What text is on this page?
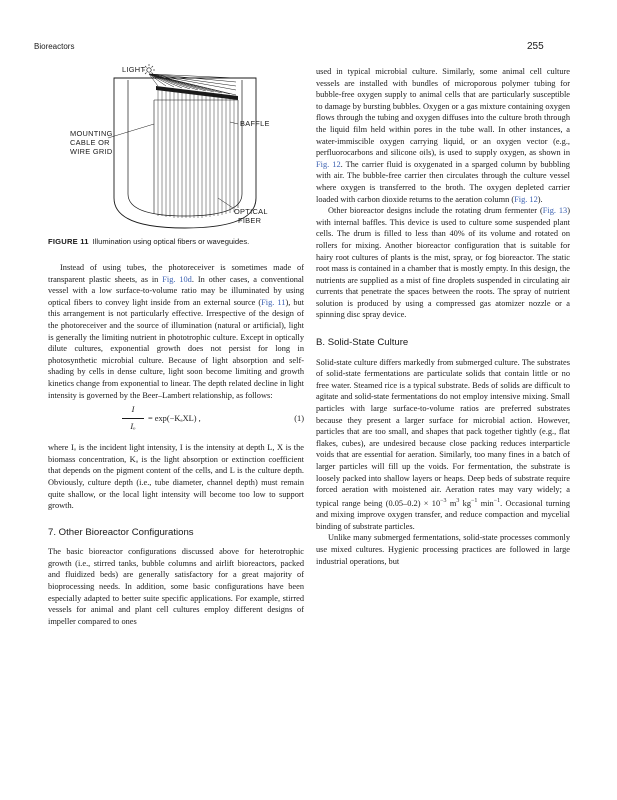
Bioreactors	255
LIGHT
BAFFLE
MOUNTING
CABLE OR
WIRE GRID
OPTICAL
FIBER
FIGURE 11 Illumination using optical fibers or waveguides.

Instead of using tubes, the photoreceiver is sometimes made of transparent plastic sheets, as in Fig. 10d. In other cases, a conventional vessel with a low surface-to-volume ratio may be illuminated by using optical fibers to convey light inside from an external source (Fig. 11), but this arrangement is not particularly effective. Irrespective of the design of the photoreceiver and the source of illumination (natural or artificial), light is generally the limiting nutrient in phototrophic culture. Except in optically dilute cultures, exponential growth does not persist for long in photosynthetic microbial culture. Because of light absorption and self-shading by cells in dense culture, light soon become limiting and growth kinetics change from exponential to linear. The depth related decline in light intensity is governed by the Beer–Lambert relationship, as follows:

I
Iₒ
= exp(−KₐXL) ,	(1)

where Iₒ is the incident light intensity, I is the intensity at depth L, X is the biomass concentration, Kₐ is the light absorption or extinction coefficient that depends on the pigment content of the cells, and L is the culture depth. Obviously, culture depth (i.e., tube diameter, channel depth) must remain quite shallow, or the local light intensity will become too low to support growth.

7. Other Bioreactor Configurations

The basic bioreactor configurations discussed above for heterotrophic growth (i.e., stirred tanks, bubble columns and airlift bioreactors, packed and fluidized beds) are generally satisfactory for a great majority of bioprocessing needs. In addition, some basic configurations have been especially adapted to better suite specific applications. For example, stirred vessels for animal and plant cell cultures employ different designs of impeller compared to ones

used in typical microbial culture. Similarly, some animal cell culture vessels are installed with bundles of microporous polymer tubing for bubble-free oxygen supply to animal cells that are particularly susceptible to damage by bursting bubbles. Oxygen or a gas mixture containing oxygen flows through the tubing and oxygen diffuses into the culture broth through the liquid film held within pores in the tube wall. In other instances, a water-immiscible oxygen carrying liquid, or an oxygen vector (e.g., perfluorocarbons and silicone oils), is used to supply oxygen, as shown in Fig. 12. The carrier fluid is oxygenated in a sparged column by bubbling with air. The bubble-free carrier then circulates through the culture vessel where oxygen is transferred to the broth. The oxygen depleted carrier loaded with carbon dioxide returns to the aeration column (Fig. 12).

Other bioreactor designs include the rotating drum fermenter (Fig. 13) with internal baffles. This device is used to culture some suspended plant cells. The drum is filled to less than 40% of its volume and rotated on rollers for mixing. Another bioreactor configuration that is suitable for hairy root cultures of plants is the mist, spray, or fog bioreactor. The static root mass is contained in a chamber that is mostly empty. In this design, the nutrients are supplied as a mist of fine droplets suspended in circulating air currents that penetrate the spaces between the roots. The spray of nutrient solution is produced by using a compressed gas atomizer nozzle or a spinning disc spray device.

B. Solid-State Culture

Solid-state culture differs markedly from submerged culture. The substrates of solid-state fermentations are particulate solids that contain little or no free water. Steamed rice is a typical substrate. Beds of solids are difficult to agitate and solid-state fermentations do not employ intensive mixing. Small particles with large surface-to-volume ratios are preferred substrates because they present a larger surface for microbial action. However, particles that are too small, and shapes that pack together tightly (e.g., flat flakes, cubes), are undesired because close packing reduces interparticle voids that are essential for aeration. Similarly, too many fines in a batch of larger particles will fill up the voids. For fermentation, the substrate is loosely packed into shallow layers or heaps. Deep beds of substrate require forced aeration with moistened air. Aeration rates may vary widely; a typical range being $(0.05-0.2) \times 10^{-3}$ $m^3$ $kg^{-1}$ $\min^{-1}$. Occasional turning and mixing improve oxygen transfer, and reduce compaction and mycelial binding of substrate particles.

Unlike many submerged fermentations, solid-state processes commonly use mixed cultures. Hygienic processing practices are followed in large industrial operations, but
